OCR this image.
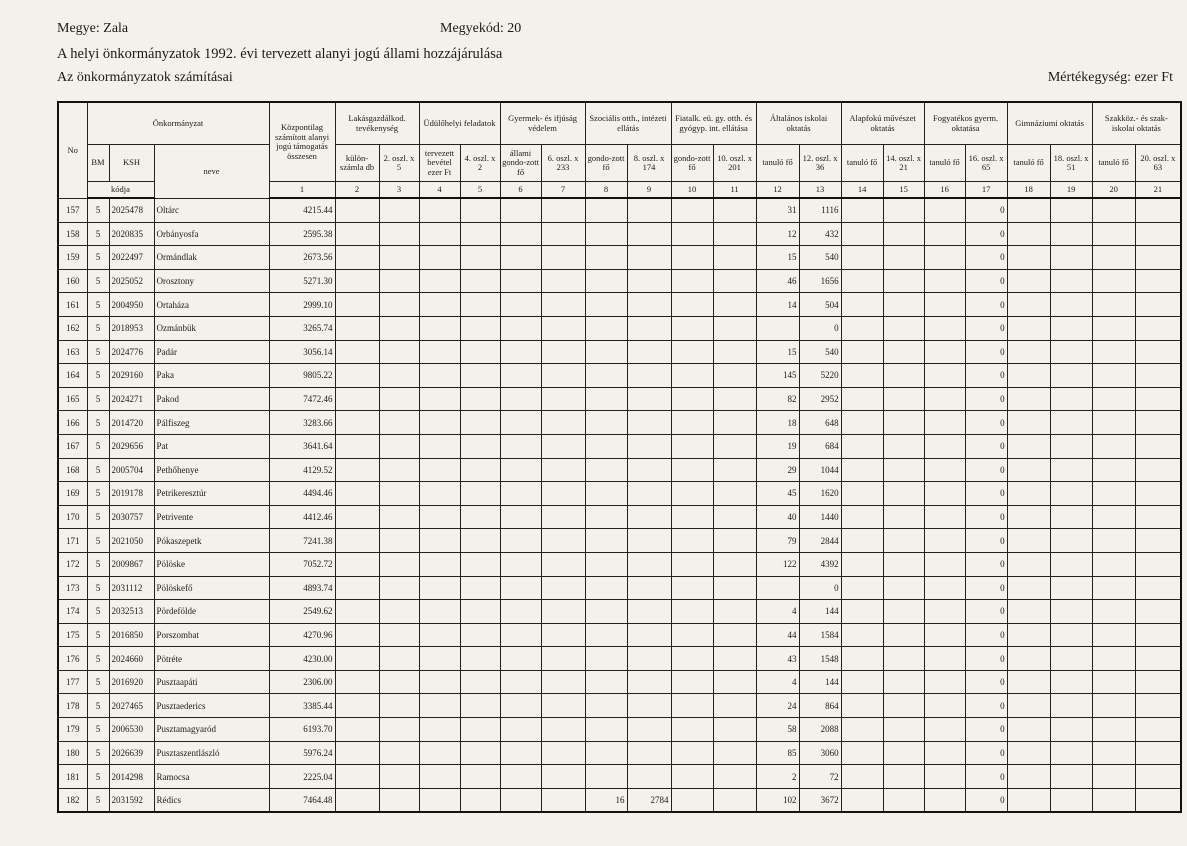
Megye: Zala	Megyekód: 20
A helyi önkormányzatok 1992. évi tervezett alanyi jogú állami hozzájárulása
Az önkormányzatok számításai	Mértékegység: ezer Ft
No	Önkormányzat			Központilag számított alanyi jogú támogatás összesen	Lakásgazdálkod. tevékenység		Üdülőhelyi feladatok		Gyermek- és ifjúság védelem		Szociális otth., intézeti ellátás		Fiatalk. eü. gy. otth. és gyógyp. int. ellátása		Általános iskolai oktatás		Alapfokú művészet oktatás		Fogyatékos gyerm. oktatása		Gimnáziumi oktatás		Szakköz.- és szak-iskolai oktatás	
	BM	KSH	neve		külön-számla db	2. oszl. x 5	tervezett bevétel ezer Ft	4. oszl. x 2	állami gondo-zott fő	6. oszl. x 233	gondo-zott fő	8. oszl. x 174	gondo-zott fő	10. oszl. x 201	tanuló fő	12. oszl. x 36	tanuló fő	14. oszl. x 21	tanuló fő	16. oszl. x 65	tanuló fő	18. oszl. x 51	tanuló fő	20. oszl. x 63
	kódja			1	2	3	4	5	6	7	8	9	10	11	12	13	14	15	16	17	18	19	20	21
157	5	2025478	Oltárc	4215.44											31	1116				0				
158	5	2020835	Orbányosfa	2595.38											12	432				0				
159	5	2022497	Ormándlak	2673.56											15	540				0				
160	5	2025052	Orosztony	5271.30											46	1656				0				
161	5	2004950	Ortaháza	2999.10											14	504				0				
162	5	2018953	Ozmánbük	3265.74												0				0				
163	5	2024776	Padár	3056.14											15	540				0				
164	5	2029160	Paka	9805.22											145	5220				0				
165	5	2024271	Pakod	7472.46											82	2952				0				
166	5	2014720	Pálfiszeg	3283.66											18	648				0				
167	5	2029656	Pat	3641.64											19	684				0				
168	5	2005704	Pethőhenye	4129.52											29	1044				0				
169	5	2019178	Petrikeresztúr	4494.46											45	1620				0				
170	5	2030757	Petrivente	4412.46											40	1440				0				
171	5	2021050	Pókaszepetk	7241.38											79	2844				0				
172	5	2009867	Pölöske	7052.72											122	4392				0				
173	5	2031112	Pölöskefő	4893.74												0				0				
174	5	2032513	Pördefölde	2549.62											4	144				0				
175	5	2016850	Porszombat	4270.96											44	1584				0				
176	5	2024660	Pötréte	4230.00											43	1548				0				
177	5	2016920	Pusztaapáti	2306.00											4	144				0				
178	5	2027465	Pusztaederics	3385.44											24	864				0				
179	5	2006530	Pusztamagyaród	6193.70											58	2088				0				
180	5	2026639	Pusztaszentlászló	5976.24											85	3060				0				
181	5	2014298	Ramocsa	2225.04											2	72				0				
182	5	2031592	Rédics	7464.48							16	2784			102	3672				0				
